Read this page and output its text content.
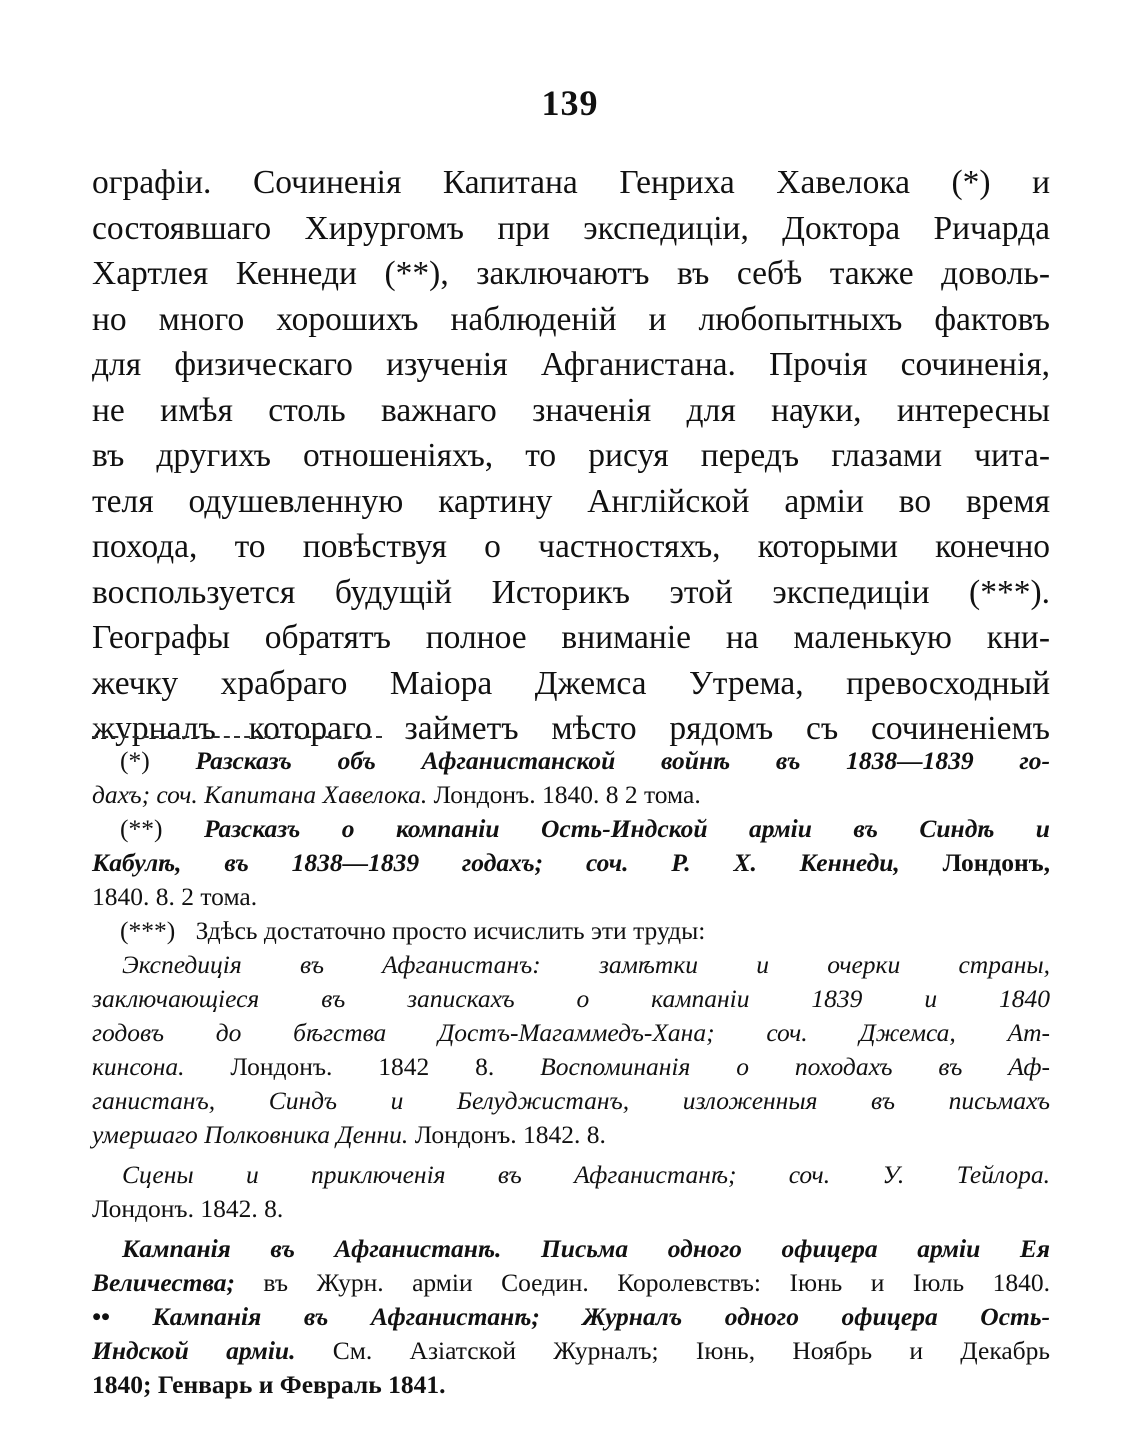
139
ографіи. Сочиненія Капитана Генриха Хавелока (*) и
состоявшаго Хирургомъ при экспедиціи, Доктора Ричарда
Хартлея Кеннеди (**), заключаютъ въ себѣ также доволь-
но много хорошихъ наблюденій и любопытныхъ фактовъ
для физическаго изученія Афганистана. Прочія сочиненія,
не имѣя столь важнаго значенія для науки, интересны
въ другихъ отношеніяхъ, то рисуя передъ глазами чита-
теля одушевленную картину Англійской арміи во время
похода, то повѣствуя о частностяхъ, которыми конечно
воспользуется будущій Историкъ этой экспедиціи (***).
Географы обратятъ полное вниманіе на маленькую кни-
жечку храбраго Маіора Джемса Утрема, превосходный
журналъ котораго займетъ мѣсто рядомъ съ сочиненіемъ
(*) Разсказъ объ Афганистанской войнѣ въ 1838—1839 го-
дахъ; соч. Капитана Хавелока. Лондонъ. 1840. 8 2 тома.
(**) Разсказъ о компаніи Ость-Индской арміи въ Синдѣ и
Кабулѣ, въ 1838—1839 годахъ; соч. Р. Х. Кеннеди, Лондонъ,
1840. 8. 2 тома.
(***) Здѣсь достаточно просто исчислить эти труды:
Экспедиція въ Афганистанъ: замѣтки и очерки страны,
заключающіеся въ запискахъ о кампаніи 1839 и 1840
годовъ до бѣгства Достъ-Магаммедъ-Хана; соч. Джемса, Ат-
кинсона. Лондонъ. 1842 8. Воспоминанія о походахъ въ Аф-
ганистанъ, Синдъ и Белуджистанъ, изложенныя въ письмахъ
умершаго Полковника Денни. Лондонъ. 1842. 8.
Сцены и приключенія въ Афганистанѣ; соч. У. Тейлора.
Лондонъ. 1842. 8.
Кампанія въ Афганистанѣ. Письма одного офицера арміи Ея
Величества; въ Журн. арміи Соедин. Королевствъ: Іюнь и Іюль 1840.
•• Кампанія въ Афганистанѣ; Журналъ одного офицера Ость-
Индской арміи. См. Азіатской Журналъ; Іюнь, Ноябрь и Декабрь
1840; Генварь и Февраль 1841.
